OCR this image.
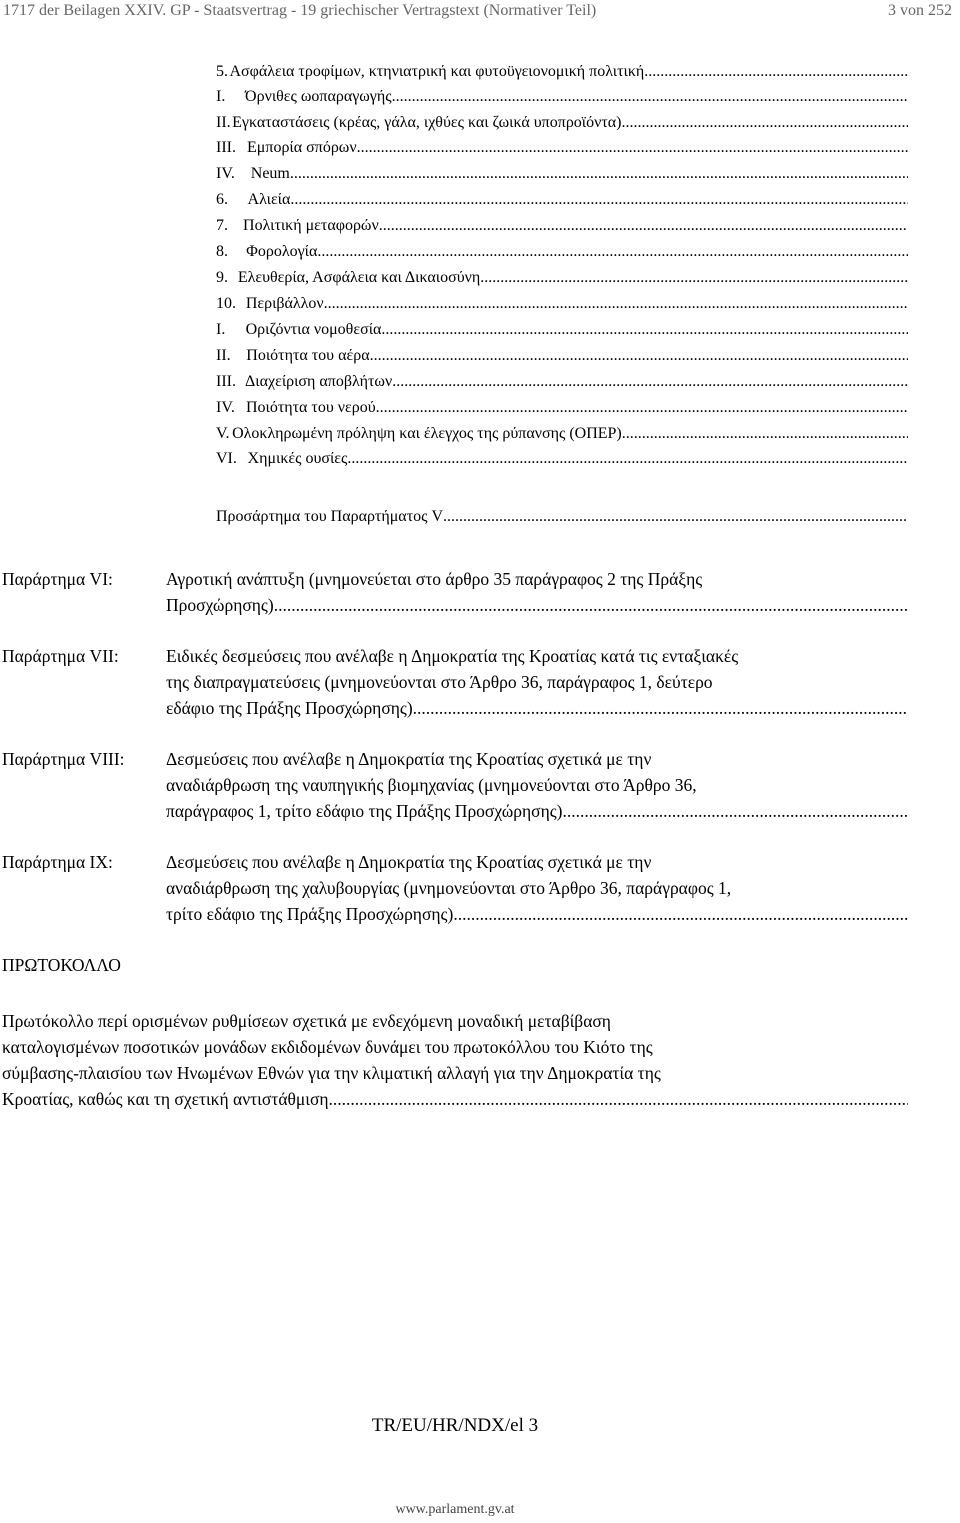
1717 der Beilagen XXIV. GP - Staatsvertrag - 19 griechischer Vertragstext (Normativer Teil)	3 von 252
5. Ασφάλεια τροφίμων, κτηνιατρική και φυτοϋγειονομική πολιτική
.....
I.	Όρνιθες ωοπαραγωγής
.....
II. Εγκαταστάσεις (κρέας, γάλα, ιχθύες και ζωικά υποπροϊόντα)
.....
III. Εμπορία σπόρων
.....
IV. Neum
.....
6.	Αλιεία
.....
7. Πολιτική μεταφορών
.....
8.	Φορολογία
.....
9. Ελευθερία, Ασφάλεια και Δικαιοσύνη
.....
10. Περιβάλλον
.....
I.	Οριζόντια νομοθεσία
.....
II. Ποιότητα του αέρα
.....
III. Διαχείριση αποβλήτων
.....
IV. Ποιότητα του νερού
.....
V. Ολοκληρωμένη πρόληψη και έλεγχος της ρύπανσης (ΟΠΕΡ)
.....
VI. Χημικές ουσίες
.....
Προσάρτημα του Παραρτήματος V
.....
Παράρτημα VI:	Αγροτική ανάπτυξη (μνημονεύεται στο άρθρο 35 παράγραφος 2 της Πράξης
Προσχώρησης)
.....
Παράρτημα VII:	Ειδικές δεσμεύσεις που ανέλαβε η Δημοκρατία της Κροατίας κατά τις ενταξιακές
της διαπραγματεύσεις (μνημονεύονται στο Άρθρο 36, παράγραφος 1, δεύτερο
εδάφιο της Πράξης Προσχώρησης)
.....
Παράρτημα VIII: Δεσμεύσεις που ανέλαβε η Δημοκρατία της Κροατίας σχετικά με την
αναδιάρθρωση της ναυπηγικής βιομηχανίας (μνημονεύονται στο Άρθρο 36,
παράγραφος 1, τρίτο εδάφιο της Πράξης Προσχώρησης)
.....
Παράρτημα IX:	Δεσμεύσεις που ανέλαβε η Δημοκρατία της Κροατίας σχετικά με την
αναδιάρθρωση της χαλυβουργίας (μνημονεύονται στο Άρθρο 36, παράγραφος 1,
τρίτο εδάφιο της Πράξης Προσχώρησης)
.....
ΠΡΩΤΟΚΟΛΛΟ
Πρωτόκολλο περί ορισμένων ρυθμίσεων σχετικά με ενδεχόμενη μοναδική μεταβίβαση
καταλογισμένων ποσοτικών μονάδων εκδιδομένων δυνάμει του πρωτοκόλλου του Κιότο της
σύμβασης-πλαισίου των Ηνωμένων Εθνών για την κλιματική αλλαγή για την Δημοκρατία της
Κροατίας, καθώς και τη σχετική αντιστάθμιση
.....
TR/EU/HR/NDX/el 3
www.parlament.gv.at
